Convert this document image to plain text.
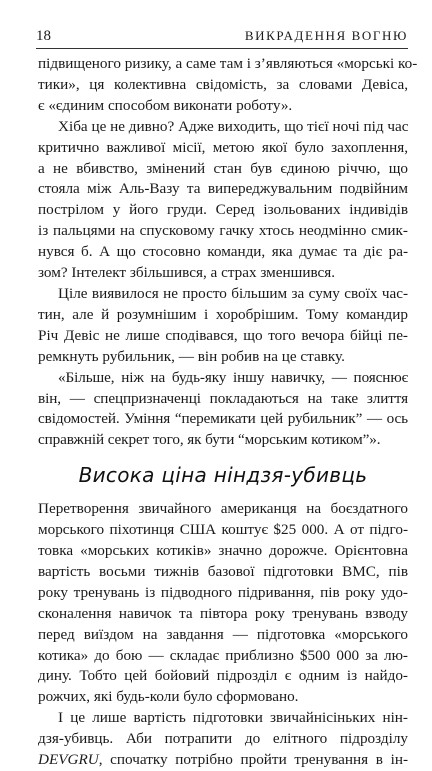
18	ВИКРАДЕННЯ ВОГНЮ

підвищеного ризику, а саме там і з’являються «морські ко-
тики», ця колективна свідомість, за словами Девіса,
є «єдиним способом виконати роботу».

Хіба це не дивно? Адже виходить, що тієї ночі під час
критично важливої місії, метою якої було захоплення,
а не вбивство, змінений стан був єдиною річчю, що
стояла між Аль-Вазу та випереджувальним подвійним
пострілом у його груди. Серед ізольованих індивідів
із пальцями на спусковому гачку хтось неодмінно смик-
нувся б. А що стосовно команди, яка думає та діє ра-
зом? Інтелект збільшився, а страх зменшився.

Ціле виявилося не просто більшим за суму своїх час-
тин, але й розумнішим і хоробрішим. Тому командир
Річ Девіс не лише сподівався, що того вечора бійці пе-
ремкнуть рубильник, — він робив на це ставку.

«Більше, ніж на будь-яку іншу навичку, — пояснює
він, — спецпризначенці покладаються на таке злиття
свідомостей. Уміння “перемикати цей рубильник” — ось
справжній секрет того, як бути “морським котиком”».

Висока ціна ніндзя-убивць

Перетворення звичайного американця на боєздатного
морського піхотинця США коштує $25 000. А от підго-
товка «морських котиків» значно дорожче. Орієнтовна
вартість восьми тижнів базової підготовки ВМС, пів
року тренувань із підводного підривання, пів року удо-
сконалення навичок та півтора року тренувань взводу
перед виїздом на завдання — підготовка «морського
котика» до бою — складає приблизно $500 000 за лю-
дину. Тобто цей бойовий підрозділ є одним із найдо-
рожчих, які будь-коли було сформовано.

І це лише вартість підготовки звичайнісіньких нін-
дзя-убивць. Аби потрапити до елітного підрозділу
DEVGRU, спочатку потрібно пройти тренування в ін-
